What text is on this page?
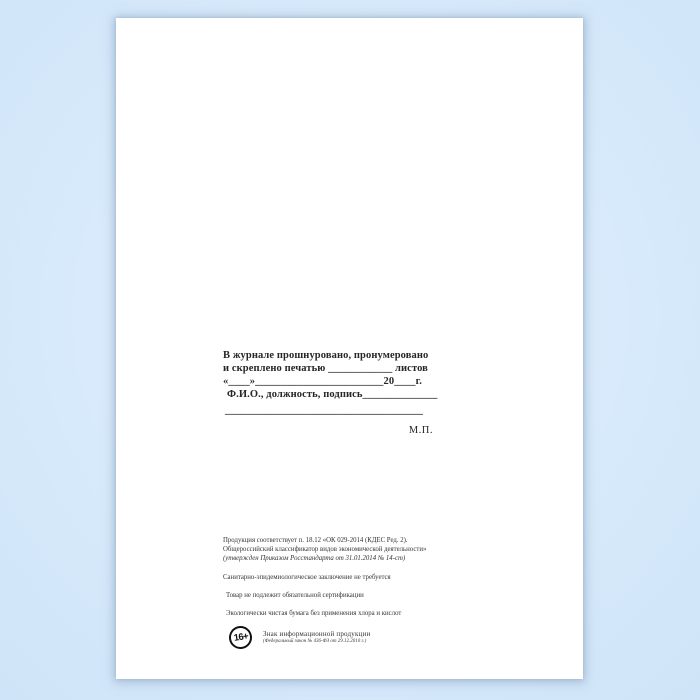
В журнале прошнуровано, пронумеровано
и скреплено печатью ____________ листов
«____»________________________20____г.
Ф.И.О., должность, подпись______________
_____________________________________
М.П.
Продукция соответствует п. 18.12 «ОК 029-2014 (КДЕС Ред. 2).
Общероссийский классификатор видов экономической деятельности»
(утвержден Приказом Росстандарта от 31.01.2014 № 14-ст)
Санитарно-эпидемиологическое заключение не требуется
Товар не подлежит обязательной сертификации
Экологически чистая бумага без применения хлора и кислот
16+ Знак информационной продукции
(Федеральный закон № 436-ФЗ от 29.12.2010 г.)
